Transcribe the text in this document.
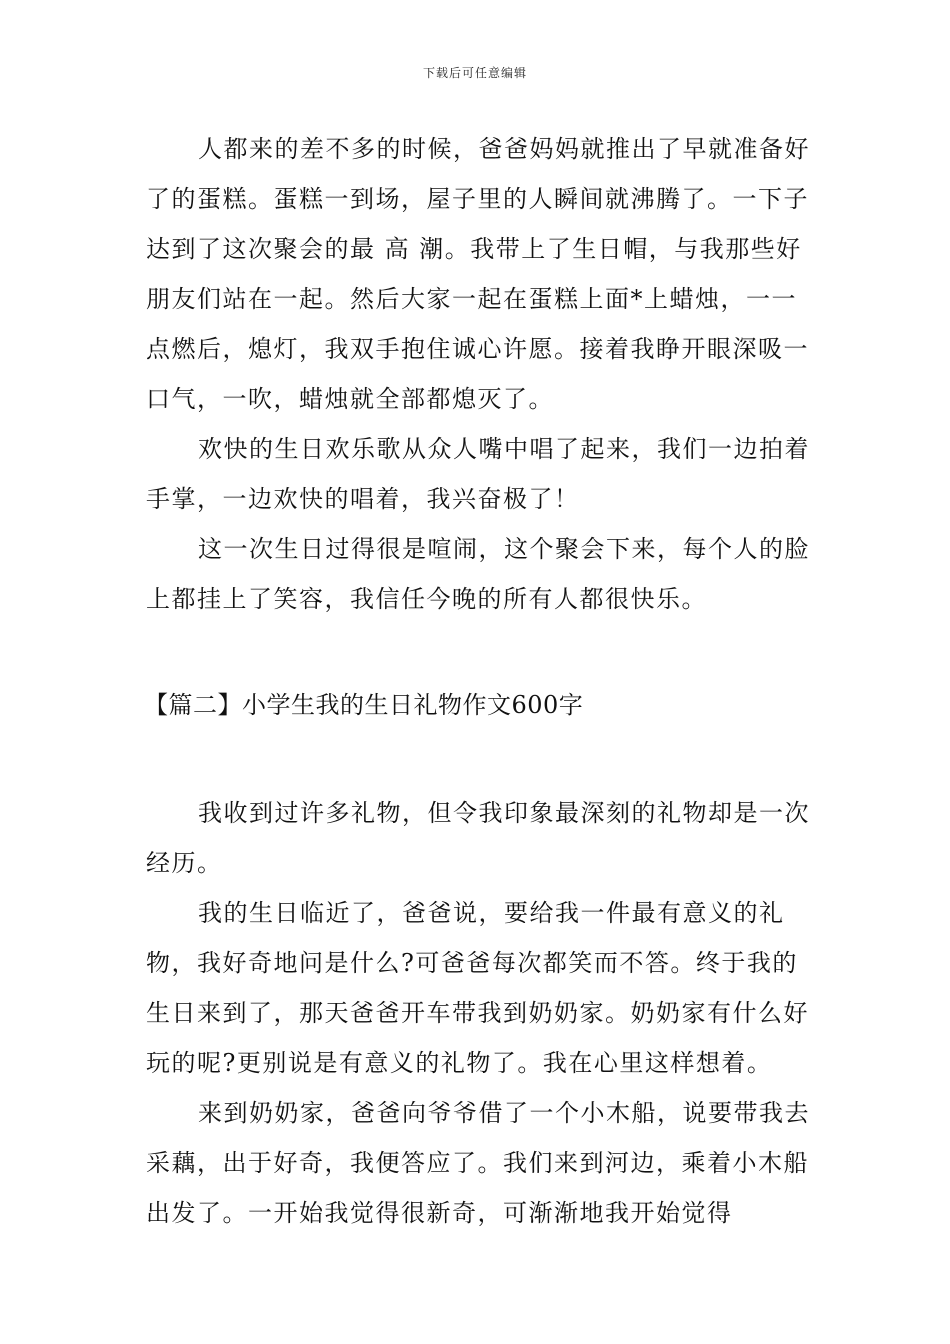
下载后可任意编辑

人都来的差不多的时候，爸爸妈妈就推出了早就准备好了的蛋糕。蛋糕一到场，屋子里的人瞬间就沸腾了。一下子达到了这次聚会的最 高 潮。我带上了生日帽，与我那些好朋友们站在一起。然后大家一起在蛋糕上面*上蜡烛，一一点燃后，熄灯，我双手抱住诚心许愿。接着我睁开眼深吸一口气，一吹，蜡烛就全部都熄灭了。

欢快的生日欢乐歌从众人嘴中唱了起来，我们一边拍着手掌，一边欢快的唱着，我兴奋极了！

这一次生日过得很是喧闹，这个聚会下来，每个人的脸上都挂上了笑容，我信任今晚的所有人都很快乐。

【篇二】小学生我的生日礼物作文600字

我收到过许多礼物，但令我印象最深刻的礼物却是一次经历。

我的生日临近了，爸爸说，要给我一件最有意义的礼物，我好奇地问是什么?可爸爸每次都笑而不答。终于我的生日来到了，那天爸爸开车带我到奶奶家。奶奶家有什么好玩的呢?更别说是有意义的礼物了。我在心里这样想着。

来到奶奶家，爸爸向爷爷借了一个小木船，说要带我去采藕，出于好奇，我便答应了。我们来到河边，乘着小木船出发了。一开始我觉得很新奇，可渐渐地我开始觉得
